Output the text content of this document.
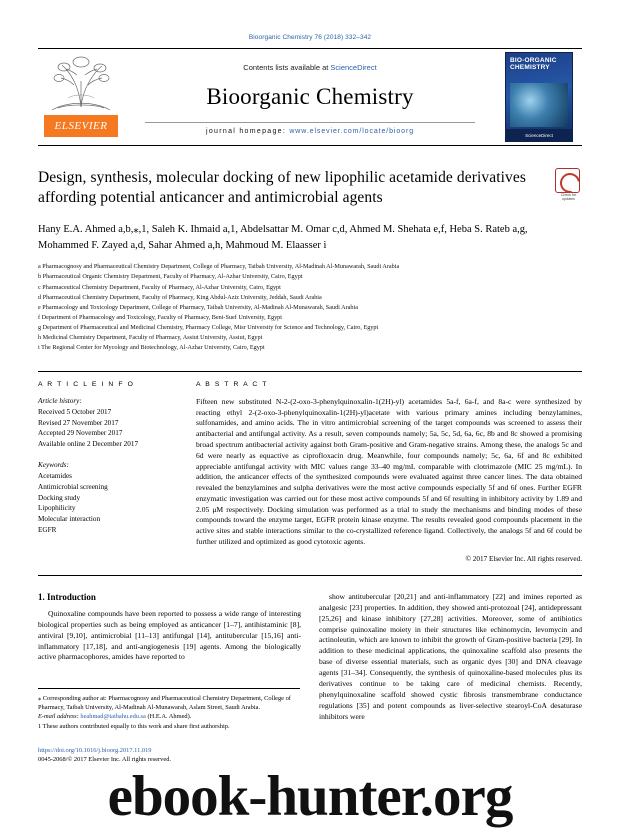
Bioorganic Chemistry 76 (2018) 332–342
ELSEVIER
Contents lists available at ScienceDirect
Bioorganic Chemistry
journal homepage: www.elsevier.com/locate/bioorg
BIO-ORGANIC CHEMISTRY
ScienceDirect
Check for updates
Design, synthesis, molecular docking of new lipophilic acetamide derivatives affording potential anticancer and antimicrobial agents
Hany E.A. Ahmed a,b,⁎,1, Saleh K. Ihmaid a,1, Abdelsattar M. Omar c,d, Ahmed M. Shehata e,f, Heba S. Rateb a,g, Mohammed F. Zayed a,d, Sahar Ahmed a,h, Mahmoud M. Elaasser i
a Pharmacognosy and Pharmaceutical Chemistry Department, College of Pharmacy, Taibah University, Al-Madinah Al-Munawarah, Saudi Arabia
b Pharmaceutical Organic Chemistry Department, Faculty of Pharmacy, Al-Azhar University, Cairo, Egypt
c Pharmaceutical Chemistry Department, Faculty of Pharmacy, Al-Azhar University, Cairo, Egypt
d Pharmaceutical Chemistry Department, Faculty of Pharmacy, King Abdul-Aziz University, Jeddah, Saudi Arabia
e Pharmacology and Toxicology Department, College of Pharmacy, Taibah University, Al-Madinah Al-Munawarah, Saudi Arabia
f Department of Pharmacology and Toxicology, Faculty of Pharmacy, Beni-Suef University, Egypt
g Department of Pharmaceutical and Medicinal Chemistry, Pharmacy College, Misr University for Science and Technology, Cairo, Egypt
h Medicinal Chemistry Department, Faculty of Pharmacy, Assiut University, Assiut, Egypt
i The Regional Center for Mycology and Biotechnology, Al-Azhar University, Cairo, Egypt
A R T I C L E I N F O
Article history:
Received 5 October 2017
Revised 27 November 2017
Accepted 29 November 2017
Available online 2 December 2017
Keywords:
Acetamides
Antimicrobial screening
Docking study
Lipophilicity
Molecular interaction
EGFR
A B S T R A C T
Fifteen new substituted N-2-(2-oxo-3-phenylquinoxalin-1(2H)-yl) acetamides 5a-f, 6a-f, and 8a-c were synthesized by reacting ethyl 2-(2-oxo-3-phenylquinoxalin-1(2H)-yl)acetate with various primary amines including benzylamines, sulfonamides, and amino acids. The in vitro antimicrobial screening of the target compounds was screened to assess their antibacterial and antifungal activity. As a result, seven compounds namely; 5a, 5c, 5d, 6a, 6c, 8b and 8c showed a promising broad spectrum antibacterial activity against both Gram-positive and Gram-negative strains. Among these, the analogs 5c and 6d were nearly as equactive as ciprofloxacin drug. Meanwhile, four compounds namely; 5c, 6a, 6f and 8c exhibited appreciable antifungal activity with MIC values range 33–40 mg/mL comparable with clotrimazole (MIC 25 mg/mL). In addition, the anticancer effects of the synthesized compounds were evaluated against three cancer lines. The data obtained revealed the benzylamines and sulpha derivatives were the most active compounds especially 5f and 6f ones. Further EGFR enzymatic investigation was carried out for these most active compounds 5f and 6f resulting in inhibitory activity by 1.89 and 2.05 μM respectively. Docking simulation was performed as a trial to study the mechanisms and binding modes of these compounds toward the enzyme target, EGFR protein kinase enzyme. The results revealed good compounds placement in the active sites and stable interactions similar to the co-crystallized reference ligand. Collectively, the analogs 5f and 6f could be further utilized and optimized as good cytotoxic agents.
© 2017 Elsevier Inc. All rights reserved.
1. Introduction

Quinoxaline compounds have been reported to possess a wide range of interesting biological properties such as being employed as anticancer [1–7], antihistaminic [8], antiviral [9,10], antimicrobial [11–13] antifungal [14], antitubercular [15,16] anti-inflammatory [17,18], and anti-angiogenesis [19] agents. Among the biologically active pharmacophores, amides have reported to

show antitubercular [20,21] and anti-inflammatory [22] and imines reported as analgesic [23] properties. In addition, they showed anti-protozoal [24], antidepressant [25,26] and kinase inhibitory [27,28] activities. Moreover, some of antibiotics comprise quinoxaline moiety in their structures like echinomycin, levomycin and actinoleutin, which are known to inhibit the growth of Gram-positive bacteria [29]. In addition to these medicinal applications, the quinoxaline scaffold also presents the base of diverse essential materials, such as organic dyes [30] and DNA cleavage agents [31–34]. Consequently, the synthesis of quinoxaline-based molecules plus its derivatives continue to be taking care of medicinal chemists. Recently, phenylquinoxaline scaffold showed cystic fibrosis transmembrane conductance regulations [35] and potent compounds as liver-selective stearoyl-CoA desaturase inhibitors were

⁎ Corresponding author at: Pharmacognosy and Pharmaceutical Chemistry Department, College of Pharmacy, Taibah University, Al-Madinah Al-Munawarah, Aslam Street, Saudi Arabia.
E-mail address: heahmad@taibahu.edu.sa (H.E.A. Ahmed).
1 These authors contributed equally to this work and share first authorship.
https://doi.org/10.1016/j.bioorg.2017.11.019
0045-2068/© 2017 Elsevier Inc. All rights reserved.
ebook-hunter.org
